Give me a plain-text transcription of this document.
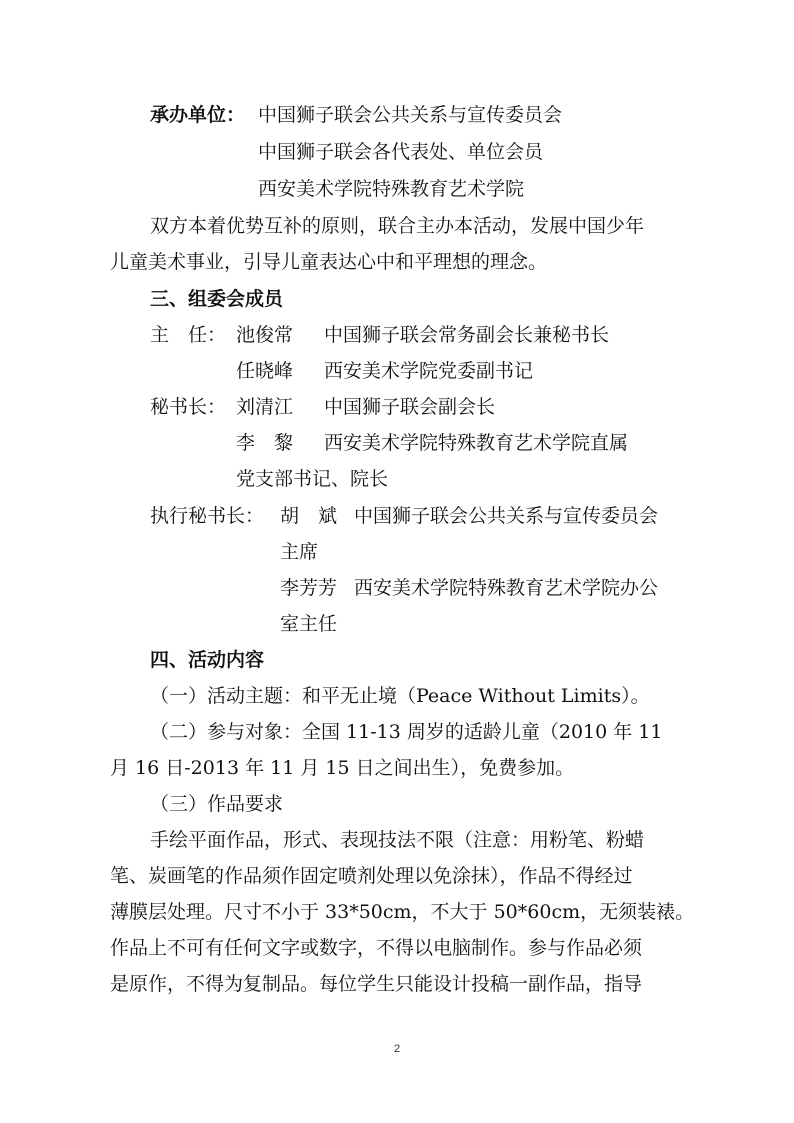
承办单位： 中国狮子联会公共关系与宣传委员会
中国狮子联会各代表处、单位会员
西安美术学院特殊教育艺术学院
双方本着优势互补的原则，联合主办本活动，发展中国少年
儿童美术事业，引导儿童表达心中和平理想的理念。
三、组委会成员
主　任： 池俊常 中国狮子联会常务副会长兼秘书长
任晓峰 西安美术学院党委副书记
秘书长： 刘清江 中国狮子联会副会长
李　黎 西安美术学院特殊教育艺术学院直属
党支部书记、院长
执行秘书长： 胡　斌 中国狮子联会公共关系与宣传委员会
主席
李芳芳 西安美术学院特殊教育艺术学院办公
室主任
四、活动内容
（一）活动主题：和平无止境（Peace Without Limits）。
（二）参与对象：全国 11-13 周岁的适龄儿童（2010 年 11
月 16 日-2013 年 11 月 15 日之间出生），免费参加。
（三）作品要求
手绘平面作品，形式、表现技法不限（注意：用粉笔、粉蜡
笔、炭画笔的作品须作固定喷剂处理以免涂抹），作品不得经过
薄膜层处理。尺寸不小于 33*50cm，不大于 50*60cm，无须装裱。
作品上不可有任何文字或数字，不得以电脑制作。参与作品必须
是原作，不得为复制品。每位学生只能设计投稿一副作品，指导
2
